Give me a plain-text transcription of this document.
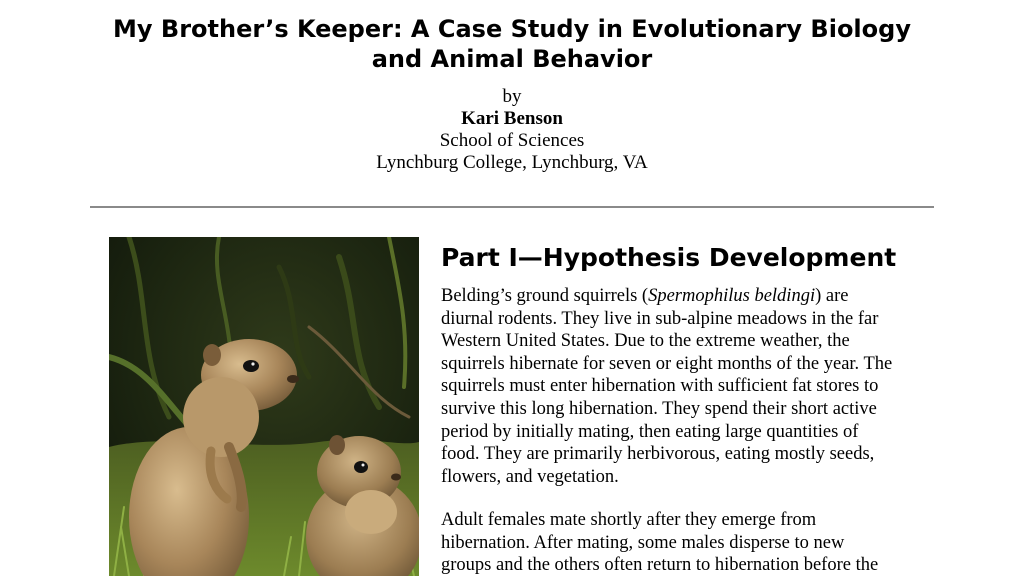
My Brother’s Keeper: A Case Study in Evolutionary Biology
and Animal Behavior
by
Kari Benson
School of Sciences
Lynchburg College, Lynchburg, VA
Part I—Hypothesis Development

Belding’s ground squirrels (Spermophilus beldingi) are
diurnal rodents. They live in sub-alpine meadows in the far
Western United States. Due to the extreme weather, the
squirrels hibernate for seven or eight months of the year. The
squirrels must enter hibernation with sufficient fat stores to
survive this long hibernation. They spend their short active
period by initially mating, then eating large quantities of
food. They are primarily herbivorous, eating mostly seeds,
flowers, and vegetation.

Adult females mate shortly after they emerge from
hibernation. After mating, some males disperse to new
groups and the others often return to hibernation before the
